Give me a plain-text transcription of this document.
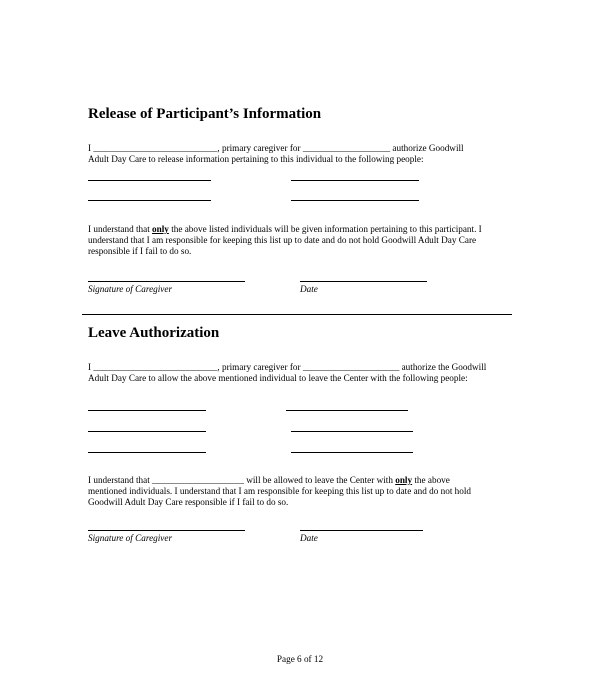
Release of Participant’s Information
I ___________________________, primary caregiver for ___________________ authorize Goodwill
Adult Day Care to release information pertaining to this individual to the following people:
I understand that only the above listed individuals will be given information pertaining to this participant. I
understand that I am responsible for keeping this list up to date and do not hold Goodwill Adult Day Care
responsible if I fail to do so.
Signature of Caregiver	Date
Leave Authorization
I ___________________________, primary caregiver for _____________________ authorize the Goodwill
Adult Day Care to allow the above mentioned individual to leave the Center with the following people:
I understand that ____________________ will be allowed to leave the Center with only the above
mentioned individuals. I understand that I am responsible for keeping this list up to date and do not hold
Goodwill Adult Day Care responsible if I fail to do so.
Signature of Caregiver	Date
Page 6 of 12
